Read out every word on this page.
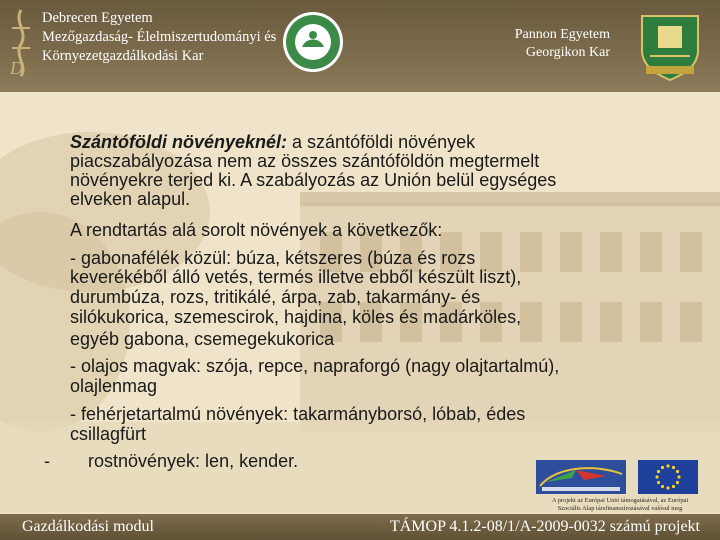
D
Debrecen Egyetem
Mezőgazdaság- Élelmiszertudományi és
Környezetgazdálkodási Kar
Pannon Egyetem
Georgikon Kar
Szántóföldi növényeknél: a szántóföldi növények
piacszabályozása nem az összes szántóföldön megtermelt
növényekre terjed ki. A szabályozás az Unión belül egységes
elveken alapul.
A rendtartás alá sorolt növények a következők:
- gabonafélék közül: búza, kétszeres (búza és rozs
keverékéből álló vetés, termés illetve ebből készült liszt),
durumbúza, rozs, tritikálé, árpa, zab, takarmány- és
silókukorica, szemescirok, hajdina, köles és madárköles,
egyéb gabona, csemegekukorica
- olajos magvak: szója, repce, napraforgó (nagy olajtartalmú),
olajlenmag
- fehérjetartalmú növények: takarmányborsó, lóbab, édes
csillagfürt
- rostnövények: len, kender.
A projekt az Európai Unió támogatásával, az Európai
Szociális Alap társfinanszírozásával valósul meg
Gazdálkodási modul	TÁMOP 4.1.2-08/1/A-2009-0032 számú projekt
